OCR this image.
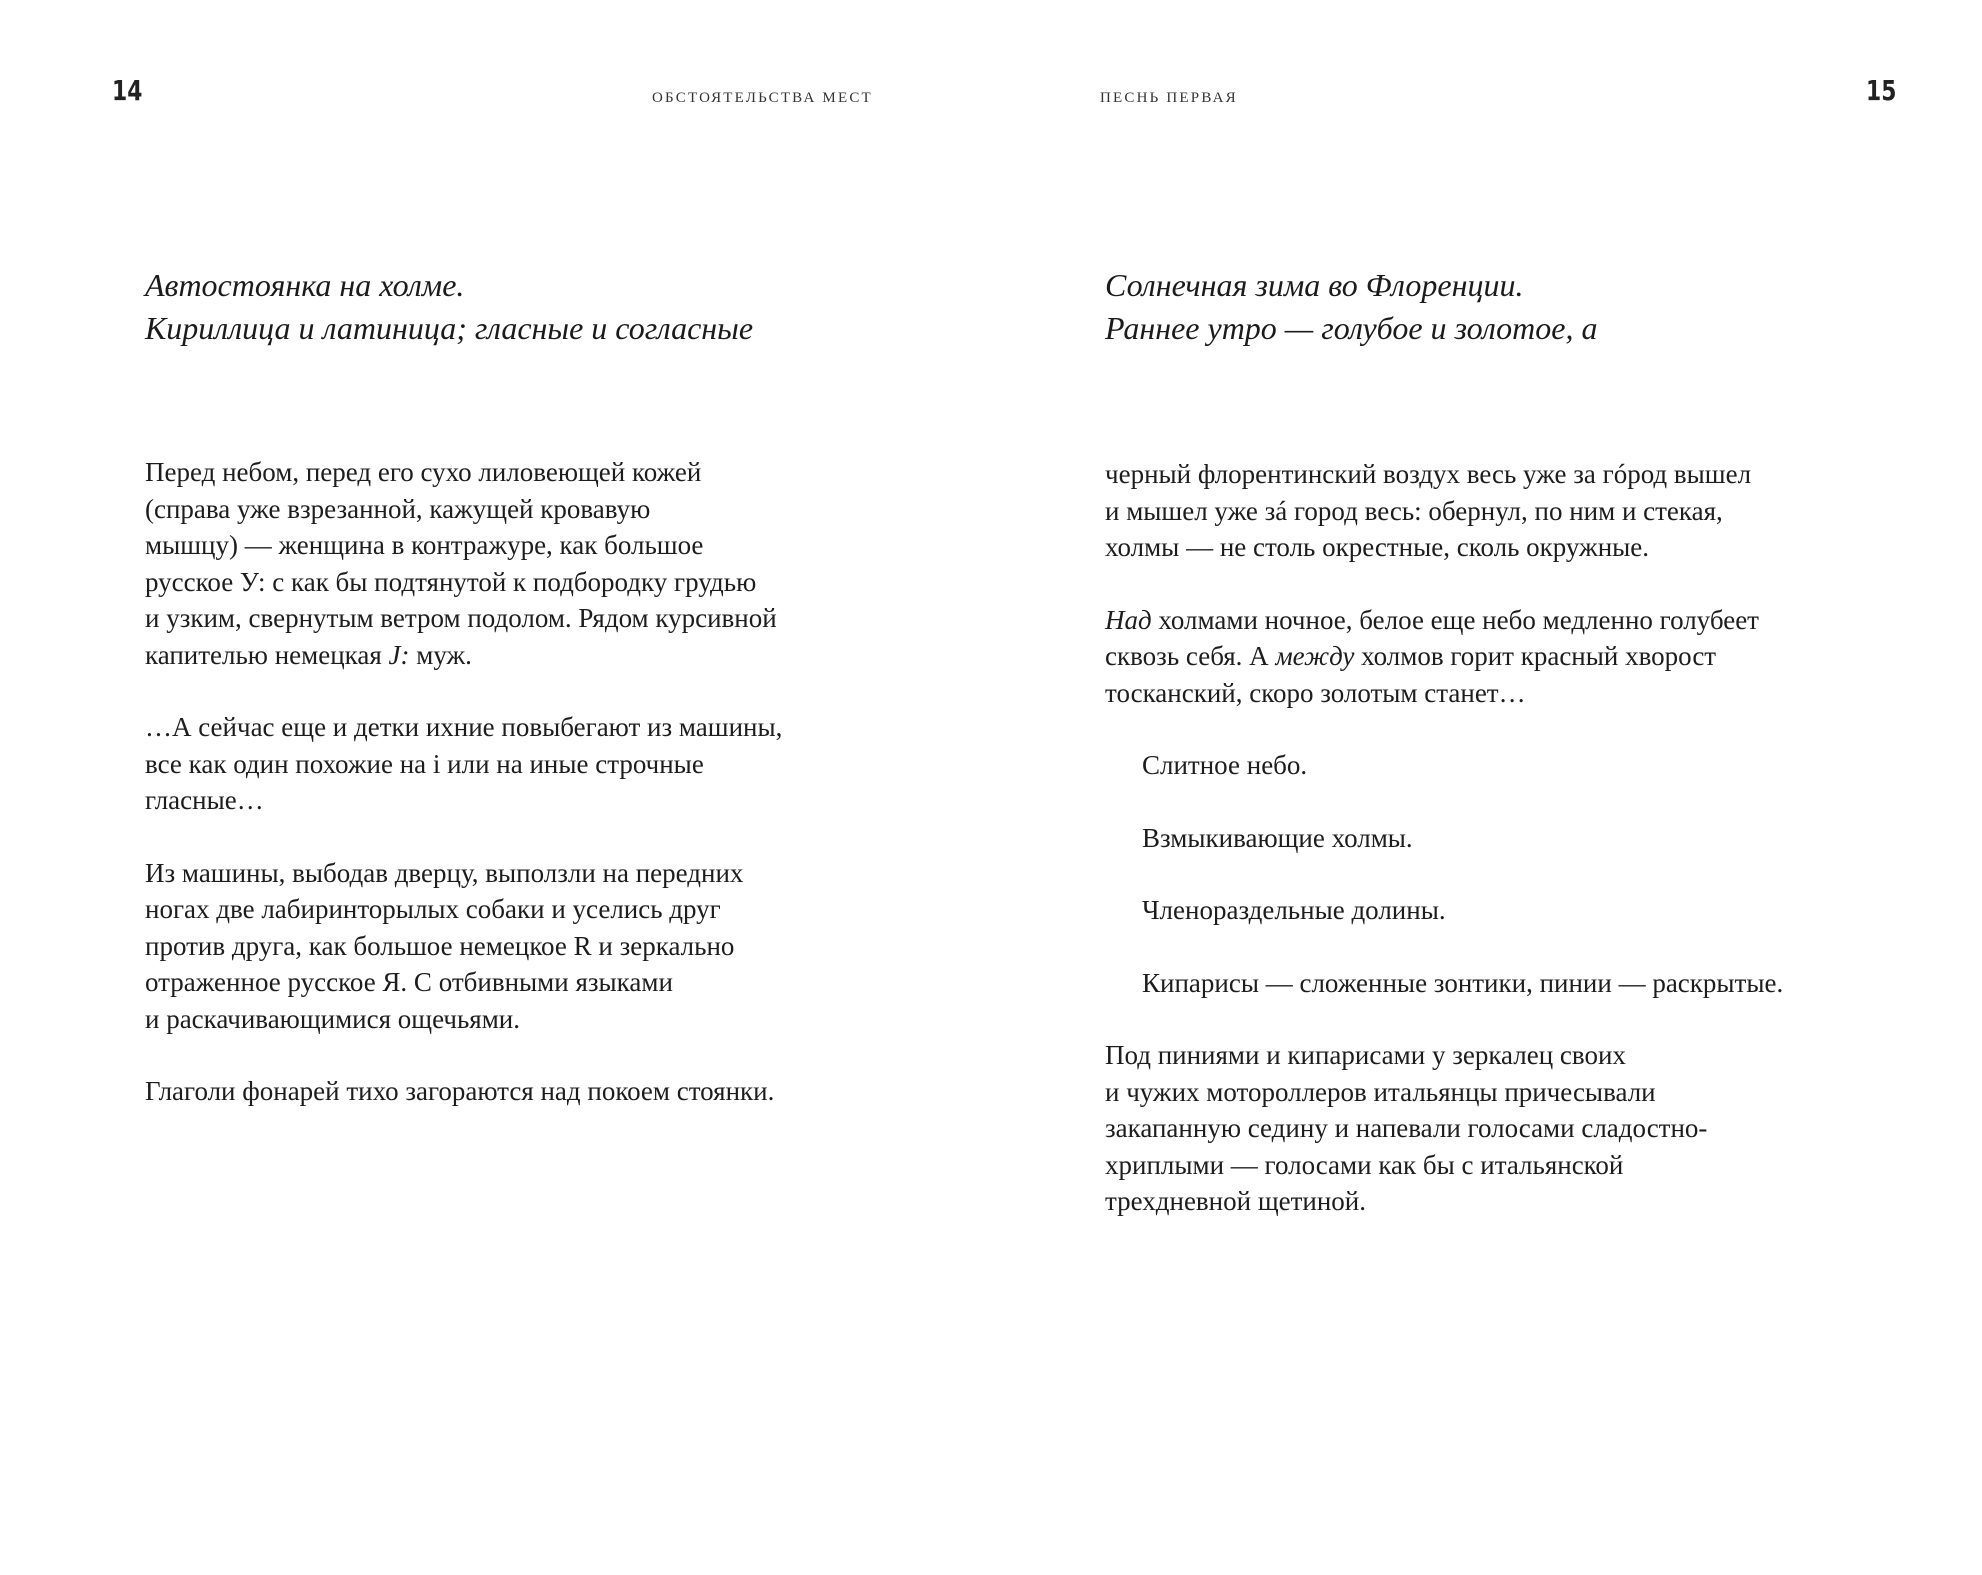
14	ОБСТОЯТЕЛЬСТВА МЕСТ
Автостоянка на холме.
Кириллица и латиница; гласные и согласные
Перед небом, перед его сухо лиловеющей кожей
(справа уже взрезанной, кажущей кровавую
мышцу) — женщина в контражуре, как большое
русское У: с как бы подтянутой к подбородку грудью
и узким, свернутым ветром подолом. Рядом курсивной
капителью немецкая J: муж.
…А сейчас еще и детки ихние повыбегают из машины,
все как один похожие на i или на иные строчные
гласные…
Из машины, выбодав дверцу, выползли на передних
ногах две лабиринторылых собаки и уселись друг
против друга, как большое немецкое R и зеркально
отраженное русское Я. С отбивными языками
и раскачивающимися ощечьями.
Глаголи фонарей тихо загораются над покоем стоянки.
ПЕСНЬ ПЕРВАЯ	15
Солнечная зима во Флоренции.
Раннее утро — голубое и золотое, а
черный флорентинский воздух весь уже за гóрод вышел
и мышел уже зá город весь: обернул, по ним и стекая,
холмы — не столь окрестные, сколь окружные.
Над холмами ночное, белое еще небо медленно голубеет
сквозь себя. А между холмов горит красный хворост
тосканский, скоро золотым станет…
Слитное небо.
Взмыкивающие холмы.
Членораздельные долины.
Кипарисы — сложенные зонтики, пинии — раскрытые.
Под пиниями и кипарисами у зеркалец своих
и чужих мотороллеров итальянцы причесывали
закапанную седину и напевали голосами сладостно-
хриплыми — голосами как бы с итальянской
трехдневной щетиной.
